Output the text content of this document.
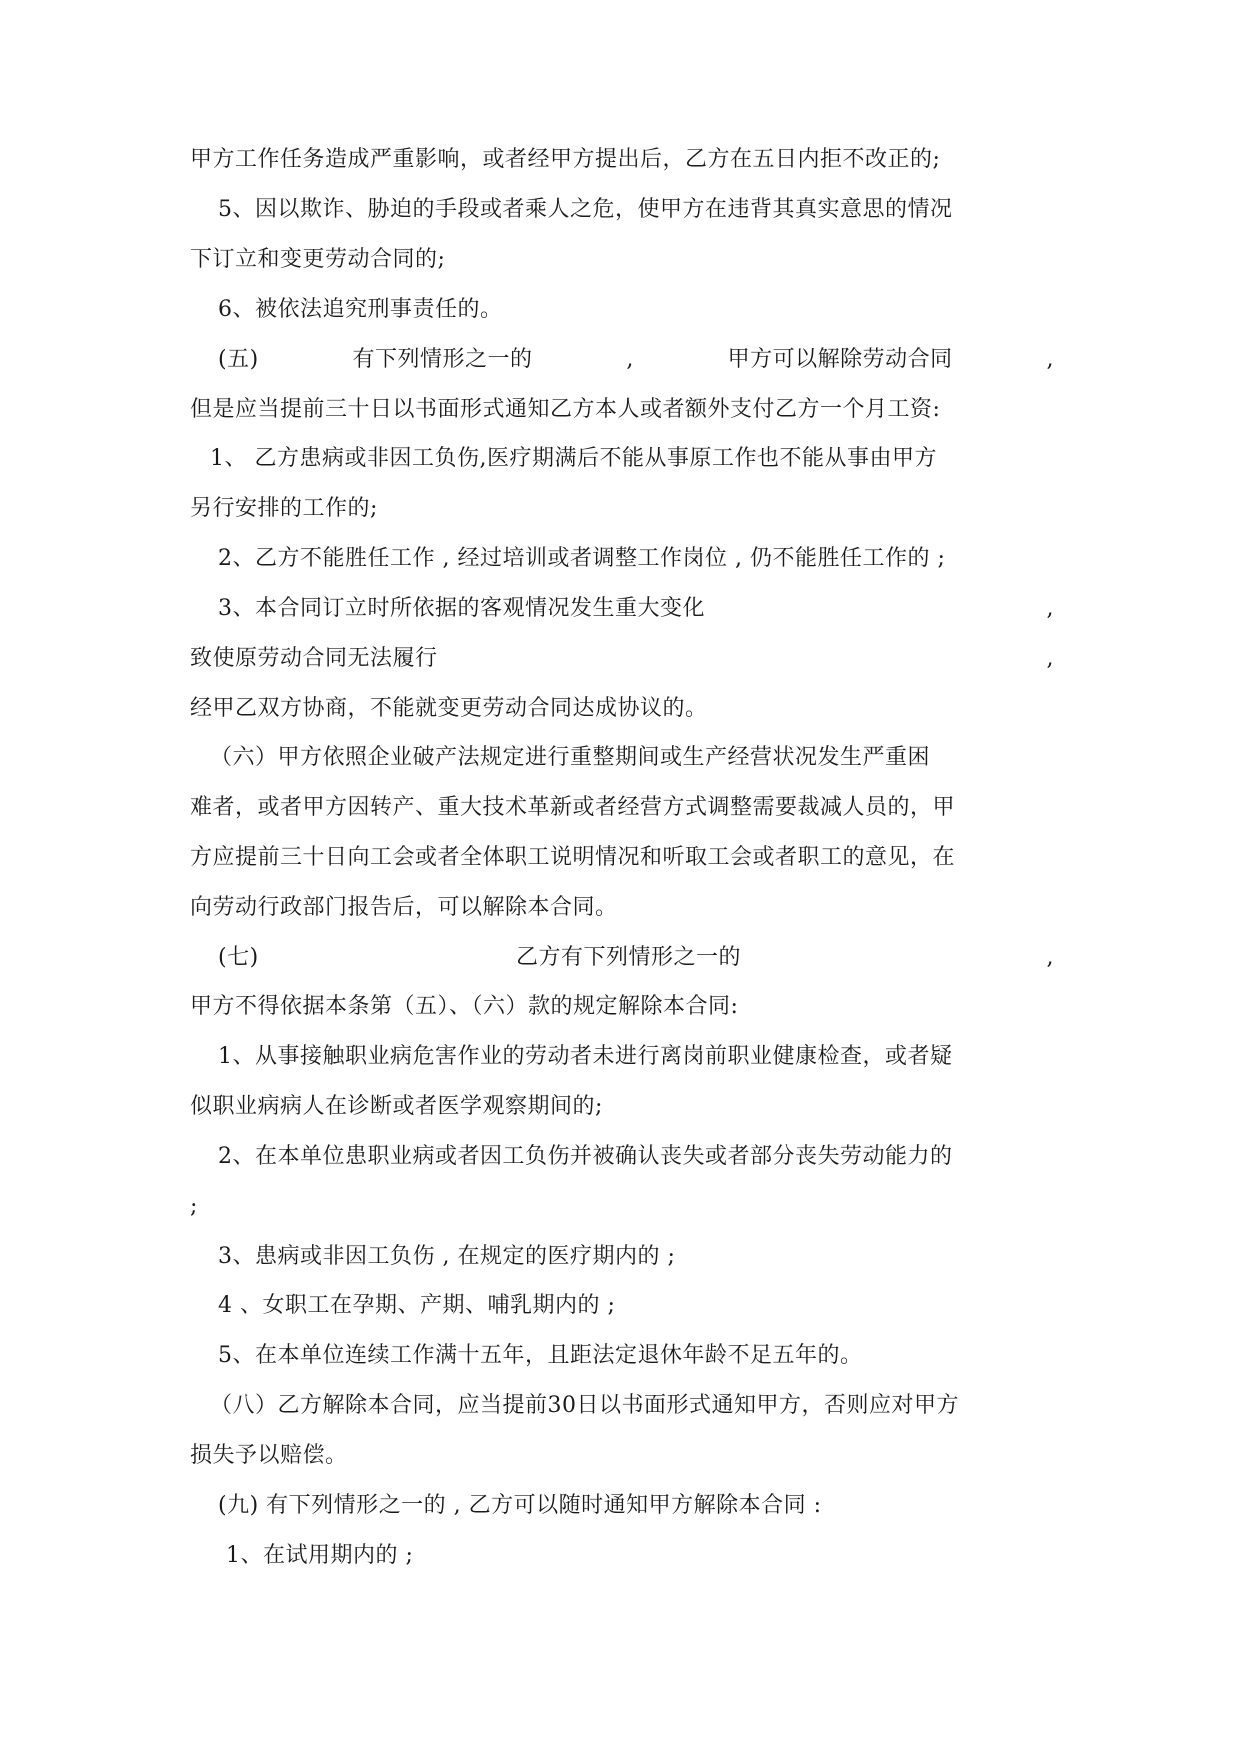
甲方工作任务造成严重影响，或者经甲方提出后，乙方在五日内拒不改正的;
5、因以欺诈、胁迫的手段或者乘人之危，使甲方在违背其真实意思的情况
下订立和变更劳动合同的;
6、被依法追究刑事责任的。
(五)	有下列情形之一的	,	甲方可以解除劳动合同	,
但是应当提前三十日以书面形式通知乙方本人或者额外支付乙方一个月工资:
1、 乙方患病或非因工负伤,医疗期满后不能从事原工作也不能从事由甲方
另行安排的工作的;
2、乙方不能胜任工作 , 经过培训或者调整工作岗位 , 仍不能胜任工作的 ;
3、本合同订立时所依据的客观情况发生重大变化	,
致使原劳动合同无法履行	,
经甲乙双方协商，不能就变更劳动合同达成协议的。
（六）甲方依照企业破产法规定进行重整期间或生产经营状况发生严重困
难者，或者甲方因转产、重大技术革新或者经营方式调整需要裁减人员的，甲
方应提前三十日向工会或者全体职工说明情况和听取工会或者职工的意见，在
向劳动行政部门报告后，可以解除本合同。
(七)	乙方有下列情形之一的	,
甲方不得依据本条第（五）、（六）款的规定解除本合同:
1、从事接触职业病危害作业的劳动者未进行离岗前职业健康检查，或者疑
似职业病病人在诊断或者医学观察期间的;
2、在本单位患职业病或者因工负伤并被确认丧失或者部分丧失劳动能力的
;
3、患病或非因工负伤 , 在规定的医疗期内的 ;
4 、女职工在孕期、产期、哺乳期内的 ;
5、在本单位连续工作满十五年，且距法定退休年龄不足五年的。
（八）乙方解除本合同，应当提前30日以书面形式通知甲方，否则应对甲方
损失予以赔偿。
(九) 有下列情形之一的 , 乙方可以随时通知甲方解除本合同 :
1、在试用期内的 ;
